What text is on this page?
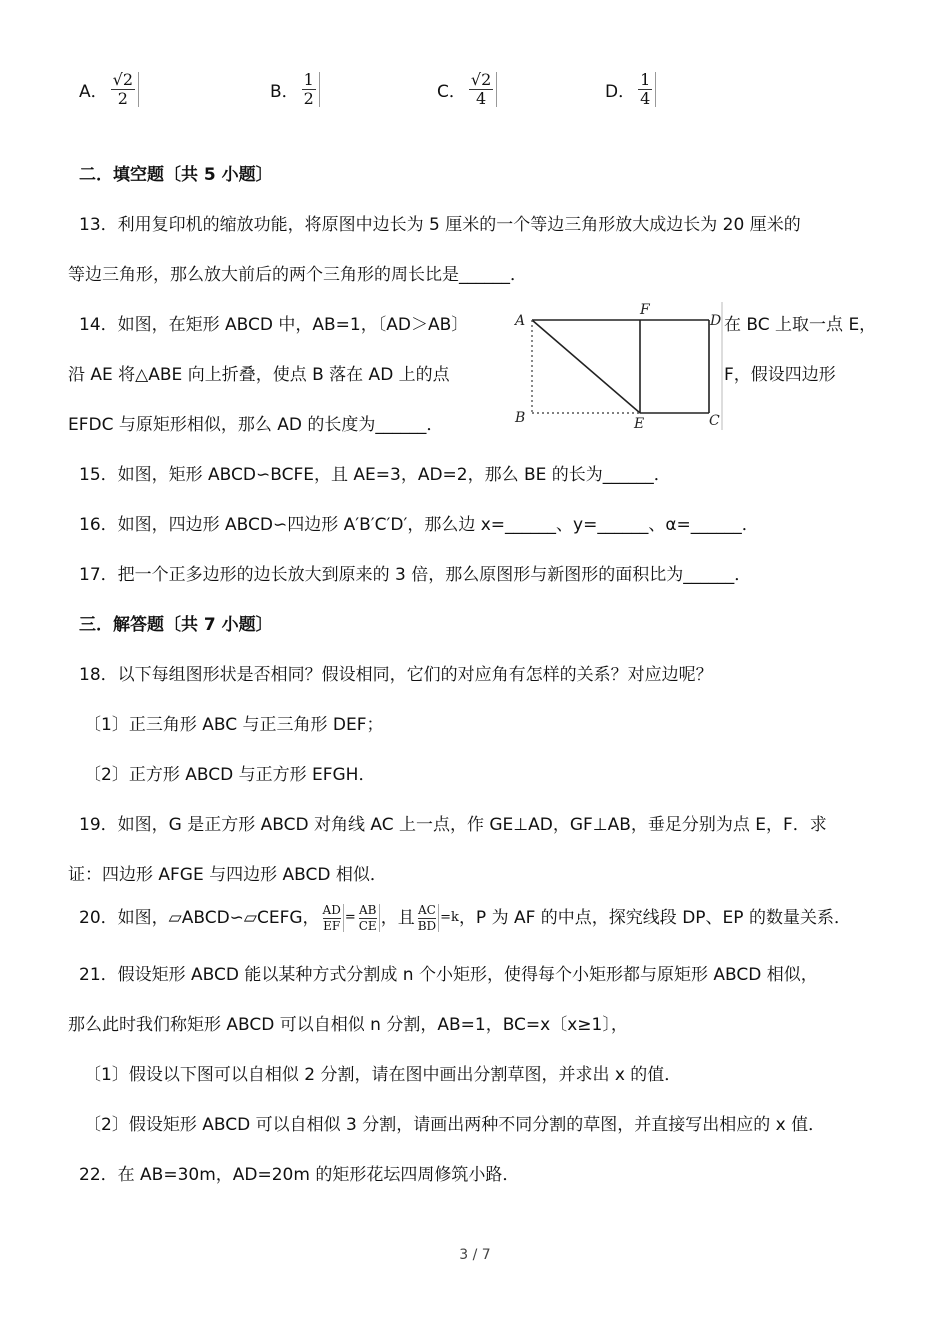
A． $\frac{√2}{2}$	B． $\frac{1}{2}$	C． $\frac{√2}{4}$	D． $\frac{1}{4}$
二．填空题〔共 5 小题〕
13．利用复印机的缩放功能，将原图中边长为 5 厘米的一个等边三角形放大成边长为 20 厘米的
等边三角形，那么放大前后的两个三角形的周长比是______．
14．如图，在矩形 ABCD 中，AB=1，〔AD＞AB〕	在 BC 上取一点 E，
沿 AE 将△ABE 向上折叠，使点 B 落在 AD 上的点	F，假设四边形
EFDC 与原矩形相似，那么 AD 的长度为______．
A
B	C
D
E
F
15．如图，矩形 ABCD∽BCFE，且 AE=3，AD=2，那么 BE 的长为______．
16．如图，四边形 ABCD∽四边形 A′B′C′D′，那么边 x=______、y=______、α=______．
17．把一个正多边形的边长放大到原来的 3 倍，那么原图形与新图形的面积比为______．
三．解答题〔共 7 小题〕
18．以下每组图形状是否相同？假设相同，它们的对应角有怎样的关系？对应边呢？
〔1〕正三角形 ABC 与正三角形 DEF；
〔2〕正方形 ABCD 与正方形 EFGH．
19．如图，G 是正方形 ABCD 对角线 AC 上一点，作 GE⊥AD，GF⊥AB，垂足分别为点 E，F．求
证：四边形 AFGE 与四边形 ABCD 相似．
20．如图，▱ABCD∽▱CEFG， $\frac{AD}{EF} = \frac{AB}{CE}$ ，且 $\frac{AC}{BD} =k$，P 为 AF 的中点，探究线段 DP、EP 的数量关系．
21．假设矩形 ABCD 能以某种方式分割成 n 个小矩形，使得每个小矩形都与原矩形 ABCD 相似，
那么此时我们称矩形 ABCD 可以自相似 n 分割，AB=1，BC=x〔x≥1〕，
〔1〕假设以下图可以自相似 2 分割，请在图中画出分割草图，并求出 x 的值．
〔2〕假设矩形 ABCD 可以自相似 3 分割，请画出两种不同分割的草图，并直接写出相应的 x 值．
22．在 AB=30m，AD=20m 的矩形花坛四周修筑小路．
3 / 7
